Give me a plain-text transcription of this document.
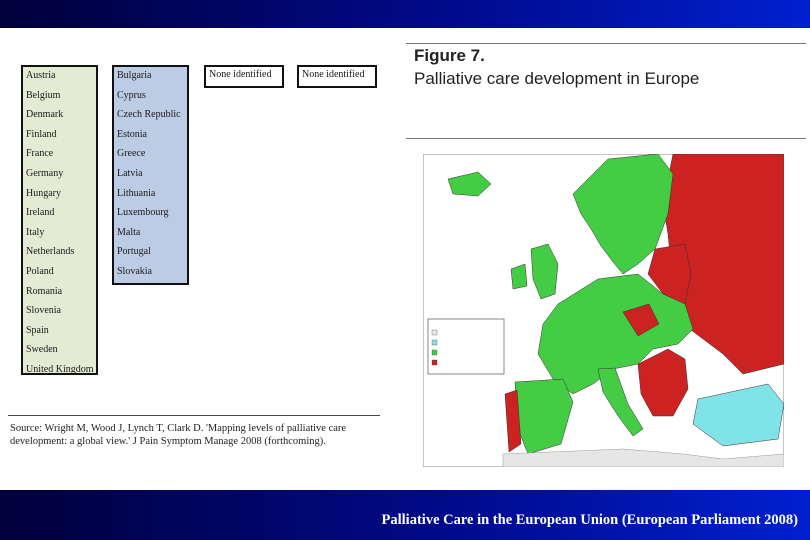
Austria
Belgium
Denmark
Finland
France
Germany
Hungary
Ireland
Italy
Netherlands
Poland
Romania
Slovenia
Spain
Sweden
United Kingdom
Bulgaria
Cyprus
Czech Republic
Estonia
Greece
Latvia
Lithuania
Luxembourg
Malta
Portugal
Slovakia
None identified	None identified
Source: Wright M, Wood J, Lynch T, Clark D. 'Mapping levels of palliative care
development: a global view.' J Pain Symptom Manage 2008 (forthcoming).
Figure 7.
Palliative care development in Europe
Palliative Care in the European Union (European Parliament 2008)
